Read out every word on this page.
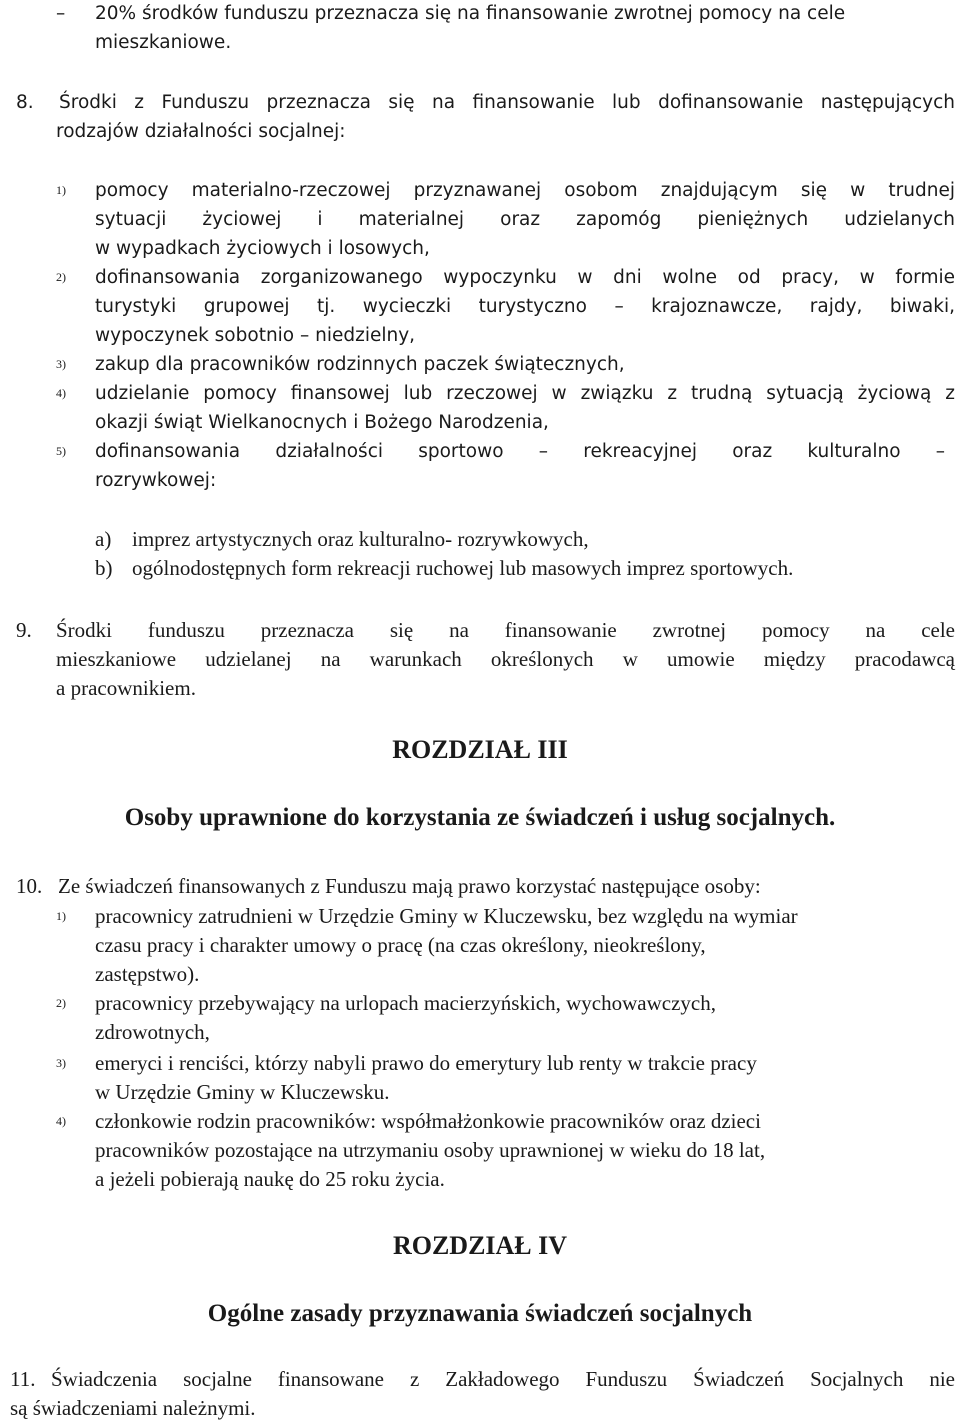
– 20% środków funduszu przeznacza się na finansowanie zwrotnej pomocy na cele
mieszkaniowe.
8. Środki z Funduszu przeznacza się na finansowanie lub dofinansowanie następujących
rodzajów działalności socjalnej:
1) pomocy materialno-rzeczowej przyznawanej osobom znajdującym się w trudnej
sytuacji życiowej i materialnej oraz zapomóg pieniężnych udzielanych
w wypadkach życiowych i losowych,
2) dofinansowania zorganizowanego wypoczynku w dni wolne od pracy, w formie
turystyki grupowej tj. wycieczki turystyczno – krajoznawcze, rajdy, biwaki,
wypoczynek sobotnio – niedzielny,
3) zakup dla pracowników rodzinnych paczek świątecznych,
4) udzielanie pomocy finansowej lub rzeczowej w związku z trudną sytuacją życiową z
okazji świąt Wielkanocnych i Bożego Narodzenia,
5) dofinansowania działalności sportowo – rekreacyjnej oraz kulturalno –
rozrywkowej:
a) imprez artystycznych oraz kulturalno- rozrywkowych,
b) ogólnodostępnych form rekreacji ruchowej lub masowych imprez sportowych.
9. Środki funduszu przeznacza się na finansowanie zwrotnej pomocy na cele
mieszkaniowe udzielanej na warunkach określonych w umowie między pracodawcą
a pracownikiem.
ROZDZIAŁ III
Osoby uprawnione do korzystania ze świadczeń i usług socjalnych.
10. Ze świadczeń finansowanych z Funduszu mają prawo korzystać następujące osoby:
1) pracownicy zatrudnieni w Urzędzie Gminy w Kluczewsku, bez względu na wymiar
czasu pracy i charakter umowy o pracę (na czas określony, nieokreślony,
zastępstwo).
2) pracownicy przebywający na urlopach macierzyńskich, wychowawczych,
zdrowotnych,
3) emeryci i renciści, którzy nabyli prawo do emerytury lub renty w trakcie pracy
w Urzędzie Gminy w Kluczewsku.
4) członkowie rodzin pracowników: współmałżonkowie pracowników oraz dzieci
pracowników pozostające na utrzymaniu osoby uprawnionej w wieku do 18 lat,
a jeżeli pobierają naukę do 25 roku życia.
ROZDZIAŁ IV
Ogólne zasady przyznawania świadczeń socjalnych
11. Świadczenia socjalne finansowane z Zakładowego Funduszu Świadczeń Socjalnych nie
są świadczeniami należnymi.
